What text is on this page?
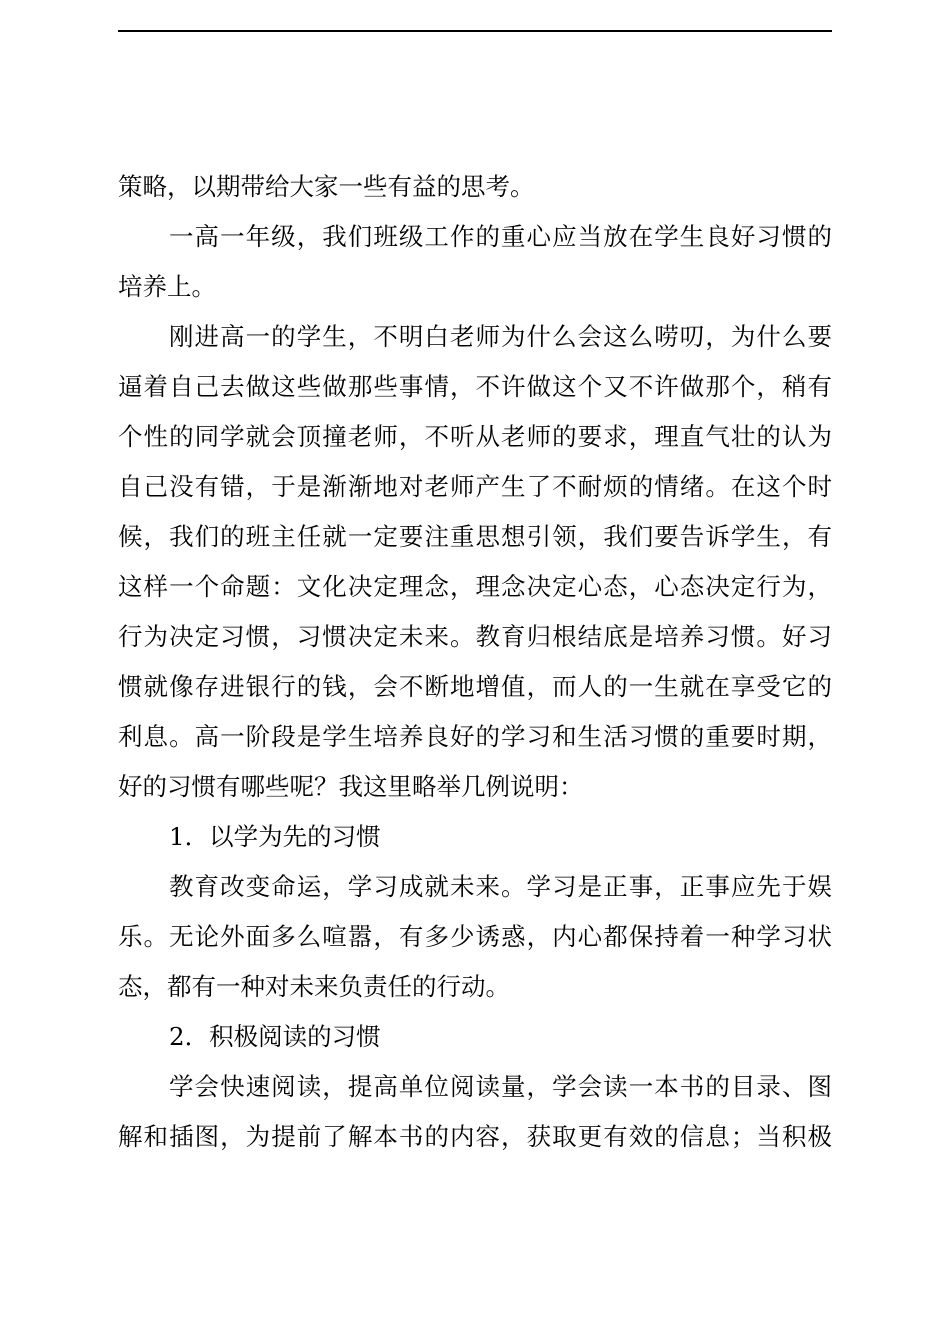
策略，以期带给大家一些有益的思考。
一高一年级，我们班级工作的重心应当放在学生良好习惯的
培养上。
刚进高一的学生，不明白老师为什么会这么唠叨，为什么要
逼着自己去做这些做那些事情，不许做这个又不许做那个，稍有
个性的同学就会顶撞老师，不听从老师的要求，理直气壮的认为
自己没有错，于是渐渐地对老师产生了不耐烦的情绪。在这个时
候，我们的班主任就一定要注重思想引领，我们要告诉学生，有
这样一个命题：文化决定理念，理念决定心态，心态决定行为，
行为决定习惯，习惯决定未来。教育归根结底是培养习惯。好习
惯就像存进银行的钱，会不断地增值，而人的一生就在享受它的
利息。高一阶段是学生培养良好的学习和生活习惯的重要时期，
好的习惯有哪些呢？我这里略举几例说明：
1．以学为先的习惯
教育改变命运，学习成就未来。学习是正事，正事应先于娱
乐。无论外面多么喧嚣，有多少诱惑，内心都保持着一种学习状
态，都有一种对未来负责任的行动。
2．积极阅读的习惯
学会快速阅读，提高单位阅读量，学会读一本书的目录、图
解和插图，为提前了解本书的内容，获取更有效的信息；当积极
